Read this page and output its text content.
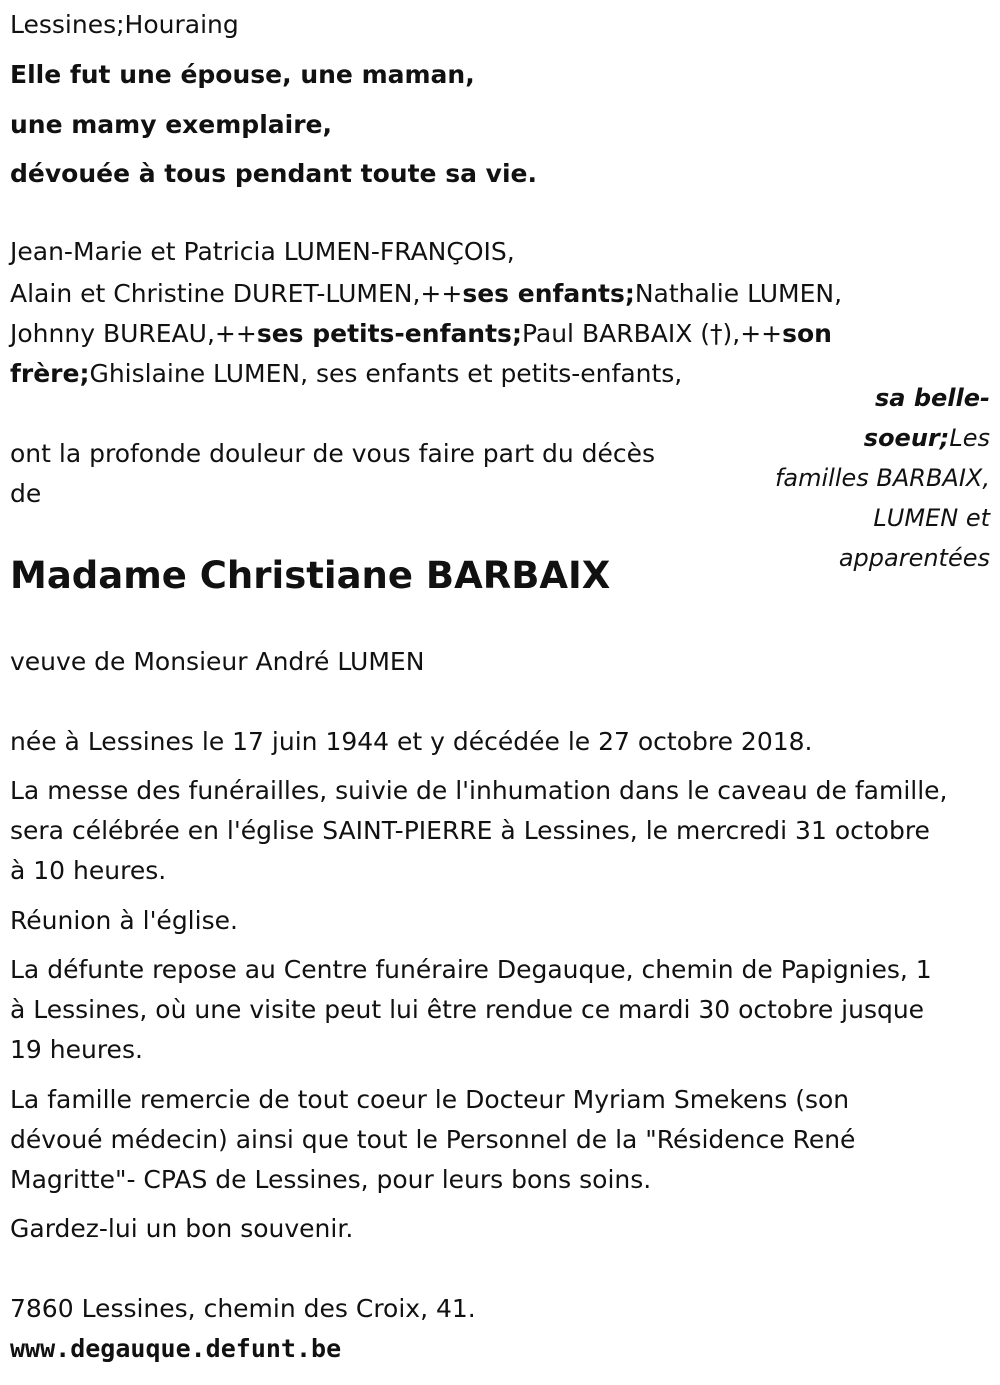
Lessines;Houraing
Elle fut une épouse, une maman,
une mamy exemplaire,
dévouée à tous pendant toute sa vie.
Jean-Marie et Patricia LUMEN-FRANÇOIS,
Alain et Christine DURET-LUMEN,++ses enfants;Nathalie LUMEN,
Johnny BUREAU,++ses petits-enfants;Paul BARBAIX (†),++son
frère;Ghislaine LUMEN, ses enfants et petits-enfants,
sa belle-soeur;Les
familles BARBAIX,
LUMEN et
apparentées
ont la profonde douleur de vous faire part du décès
de
Madame Christiane BARBAIX
veuve de Monsieur André LUMEN
née à Lessines le 17 juin 1944 et y décédée le 27 octobre 2018.
La messe des funérailles, suivie de l'inhumation dans le caveau de famille,
sera célébrée en l'église SAINT-PIERRE à Lessines, le mercredi 31 octobre
à 10 heures.
Réunion à l'église.
La défunte repose au Centre funéraire Degauque, chemin de Papignies, 1
à Lessines, où une visite peut lui être rendue ce mardi 30 octobre jusque
19 heures.
La famille remercie de tout coeur le Docteur Myriam Smekens (son
dévoué médecin) ainsi que tout le Personnel de la "Résidence René
Magritte"- CPAS de Lessines, pour leurs bons soins.
Gardez-lui un bon souvenir.
7860 Lessines, chemin des Croix, 41.
www.degauque.defunt.be
